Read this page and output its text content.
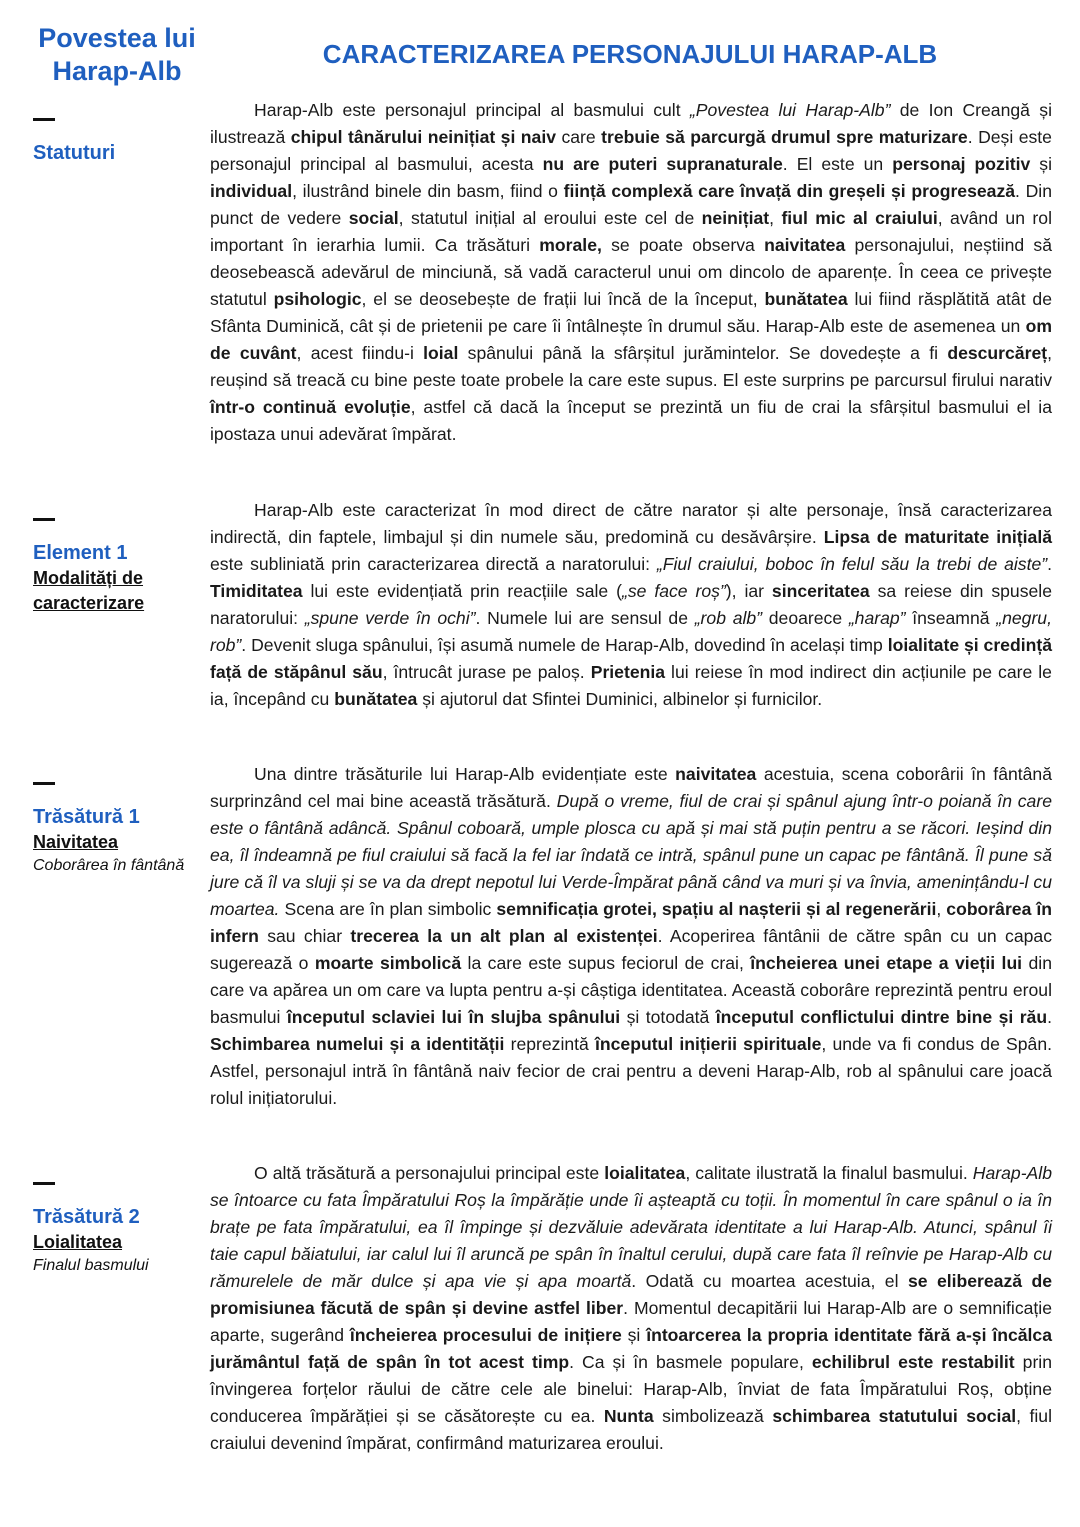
Povestea lui Harap-Alb
CARACTERIZAREA PERSONAJULUI HARAP-ALB
Statuturi
Harap-Alb este personajul principal al basmului cult „Povestea lui Harap-Alb” de Ion Creangă și ilustrează chipul tânărului neinițiat și naiv care trebuie să parcurgă drumul spre maturizare. Deși este personajul principal al basmului, acesta nu are puteri supranaturale. El este un personaj pozitiv și individual, ilustrând binele din basm, fiind o ființă complexă care învață din greșeli și progresează. Din punct de vedere social, statutul inițial al eroului este cel de neinițiat, fiul mic al craiului, având un rol important în ierarhia lumii. Ca trăsături morale, se poate observa naivitatea personajului, neștiind să deosebească adevărul de minciună, să vadă caracterul unui om dincolo de aparențe. În ceea ce privește statutul psihologic, el se deosebește de frații lui încă de la început, bunătatea lui fiind răsplătită atât de Sfânta Duminică, cât și de prietenii pe care îi întâlnește în drumul său. Harap-Alb este de asemenea un om de cuvânt, acest fiindu-i loial spânului până la sfârșitul jurămintelor. Se dovedește a fi descurcăreț, reușind să treacă cu bine peste toate probele la care este supus. El este surprins pe parcursul firului narativ într-o continuă evoluție, astfel că dacă la început se prezintă un fiu de crai la sfârșitul basmului el ia ipostaza unui adevărat împărat.
Element 1
Modalități de caracterizare
Harap-Alb este caracterizat în mod direct de către narator și alte personaje, însă caracterizarea indirectă, din faptele, limbajul și din numele său, predomină cu desăvârșire. Lipsa de maturitate inițială este subliniată prin caracterizarea directă a naratorului: „Fiul craiului, boboc în felul său la trebi de aiste”. Timiditatea lui este evidențiată prin reacțiile sale („se face roș”), iar sinceritatea sa reiese din spusele naratorului: „spune verde în ochi”. Numele lui are sensul de „rob alb” deoarece „harap” înseamnă „negru, rob”. Devenit sluga spânului, își asumă numele de Harap-Alb, dovedind în același timp loialitate și credință față de stăpânul său, întrucât jurase pe paloș. Prietenia lui reiese în mod indirect din acțiunile pe care le ia, începând cu bunătatea și ajutorul dat Sfintei Duminici, albinelor și furnicilor.
Trăsătură 1
Naivitatea
Coborârea în fântână
Una dintre trăsăturile lui Harap-Alb evidențiate este naivitatea acestuia, scena coborârii în fântână surprinzând cel mai bine această trăsătură. După o vreme, fiul de crai și spânul ajung într-o poiană în care este o fântână adâncă. Spânul coboară, umple plosca cu apă și mai stă puțin pentru a se răcori. Ieșind din ea, îl îndeamnă pe fiul craiului să facă la fel iar îndată ce intră, spânul pune un capac pe fântână. Îl pune să jure că îl va sluji și se va da drept nepotul lui Verde-Împărat până când va muri și va învia, amenințându-l cu moartea. Scena are în plan simbolic semnificația grotei, spațiu al nașterii și al regenerării, coborârea în infern sau chiar trecerea la un alt plan al existenței. Acoperirea fântânii de către spân cu un capac sugerează o moarte simbolică la care este supus feciorul de crai, încheierea unei etape a vieții lui din care va apărea un om care va lupta pentru a-și câștiga identitatea. Această coborâre reprezintă pentru eroul basmului începutul sclaviei lui în slujba spânului și totodată începutul conflictului dintre bine și rău. Schimbarea numelui și a identității reprezintă începutul inițierii spirituale, unde va fi condus de Spân. Astfel, personajul intră în fântână naiv fecior de crai pentru a deveni Harap-Alb, rob al spânului care joacă rolul inițiatorului.
Trăsătură 2
Loialitatea
Finalul basmului
O altă trăsătură a personajului principal este loialitatea, calitate ilustrată la finalul basmului. Harap-Alb se întoarce cu fata Împăratului Roș la împărăție unde îi așteaptă cu toții. În momentul în care spânul o ia în brațe pe fata împăratului, ea îl împinge și dezvăluie adevărata identitate a lui Harap-Alb. Atunci, spânul îi taie capul băiatului, iar calul lui îl aruncă pe spân în înaltul cerului, după care fata îl reînvie pe Harap-Alb cu rămurelele de măr dulce și apa vie și apa moartă. Odată cu moartea acestuia, el se eliberează de promisiunea făcută de spân și devine astfel liber. Momentul decapitării lui Harap-Alb are o semnificație aparte, sugerând încheierea procesului de inițiere și întoarcerea la propria identitate fără a-și încălca jurământul față de spân în tot acest timp. Ca și în basmele populare, echilibrul este restabilit prin învingerea forțelor răului de către cele ale binelui: Harap-Alb, înviat de fata Împăratului Roș, obține conducerea împărăției și se căsătorește cu ea. Nunta simbolizează schimbarea statutului social, fiul craiului devenind împărat, confirmând maturizarea eroului.
